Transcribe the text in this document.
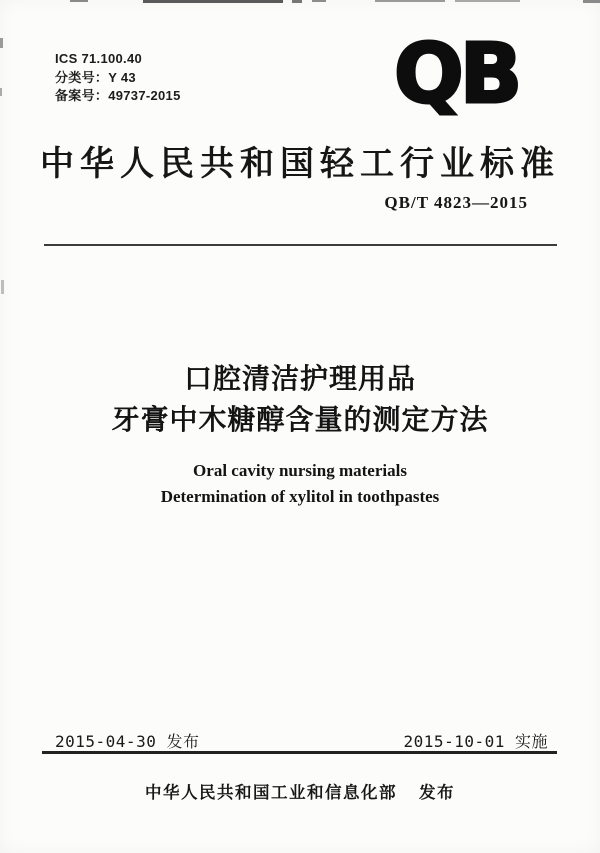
ICS 71.100.40
分类号：Y 43
备案号：49737-2015	QB
中华人民共和国轻工行业标准
QB/T 4823—2015
口腔清洁护理用品
牙膏中木糖醇含量的测定方法
Oral cavity nursing materials
Determination of xylitol in toothpastes
2015-04-30 发布	2015-10-01 实施
中华人民共和国工业和信息化部 发布
